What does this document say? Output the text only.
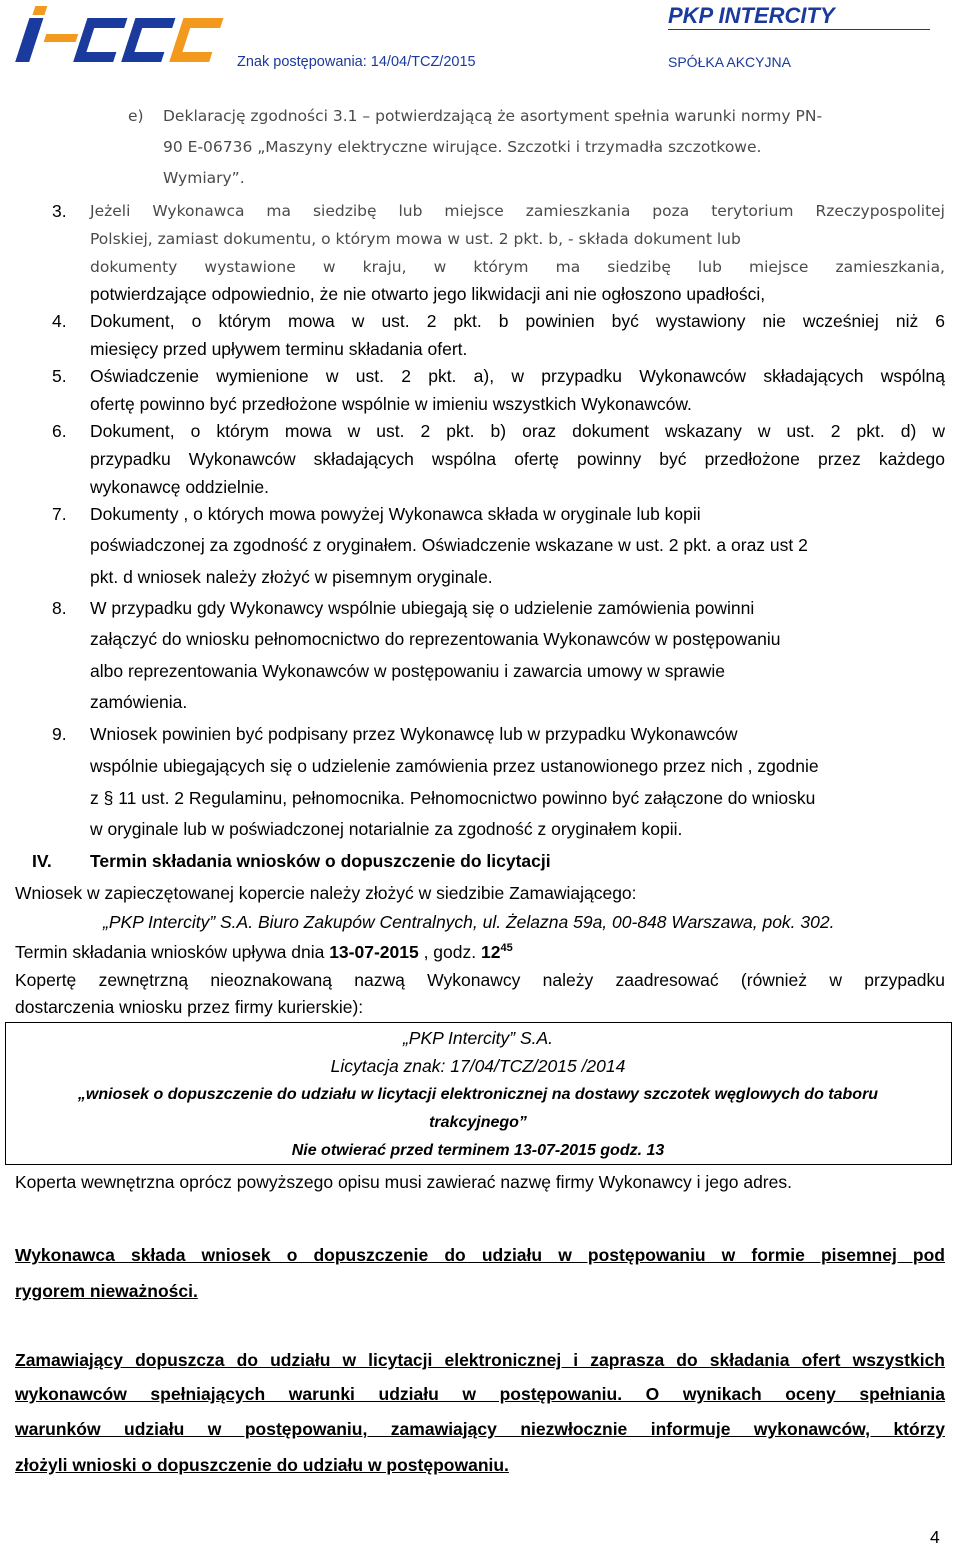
PKP INTERCITY
Znak postępowania: 14/04/TCZ/2015	SPÓŁKA AKCYJNA
e) Deklarację zgodności 3.1 – potwierdzającą że asortyment spełnia warunki normy PN-
90 E-06736 „Maszyny elektryczne wirujące. Szczotki i trzymadła szczotkowe.
Wymiary”.
3. Jeżeli Wykonawca ma siedzibę lub miejsce zamieszkania poza terytorium Rzeczypospolitej
Polskiej, zamiast dokumentu, o którym mowa w ust. 2 pkt. b, - składa dokument lub
dokumenty wystawione w kraju, w którym ma siedzibę lub miejsce zamieszkania,
potwierdzające odpowiednio, że nie otwarto jego likwidacji ani nie ogłoszono upadłości,
4. Dokument, o którym mowa w ust. 2 pkt. b powinien być wystawiony nie wcześniej niż 6
miesięcy przed upływem terminu składania ofert.
5. Oświadczenie wymienione w ust. 2 pkt. a), w przypadku Wykonawców składających wspólną
ofertę powinno być przedłożone wspólnie w imieniu wszystkich Wykonawców.
6. Dokument, o którym mowa w ust. 2 pkt. b) oraz dokument wskazany w ust. 2 pkt. d) w
przypadku Wykonawców składających wspólna ofertę powinny być przedłożone przez każdego
wykonawcę oddzielnie.
7. Dokumenty , o których mowa powyżej Wykonawca składa w oryginale lub kopii
poświadczonej za zgodność z oryginałem. Oświadczenie wskazane w ust. 2 pkt. a oraz ust 2
pkt. d wniosek należy złożyć w pisemnym oryginale.
8. W przypadku gdy Wykonawcy wspólnie ubiegają się o udzielenie zamówienia powinni
załączyć do wniosku pełnomocnictwo do reprezentowania Wykonawców w postępowaniu
albo reprezentowania Wykonawców w postępowaniu i zawarcia umowy w sprawie
zamówienia.
9. Wniosek powinien być podpisany przez Wykonawcę lub w przypadku Wykonawców
wspólnie ubiegających się o udzielenie zamówienia przez ustanowionego przez nich , zgodnie
z § 11 ust. 2 Regulaminu, pełnomocnika. Pełnomocnictwo powinno być załączone do wniosku
w oryginale lub w poświadczonej notarialnie za zgodność z oryginałem kopii.
IV. Termin składania wniosków o dopuszczenie do licytacji
Wniosek w zapieczętowanej kopercie należy złożyć w siedzibie Zamawiającego:
„PKP Intercity” S.A. Biuro Zakupów Centralnych, ul. Żelazna 59a, 00-848 Warszawa, pok. 302.
Termin składania wniosków upływa dnia 13-07-2015 , godz. $12^{45}$
Kopertę zewnętrzną nieoznakowaną nazwą Wykonawcy należy zaadresować (również w przypadku
dostarczenia wniosku przez firmy kurierskie):
„PKP Intercity” S.A.
Licytacja znak: 17/04/TCZ/2015 /2014
„wniosek o dopuszczenie do udziału w licytacji elektronicznej na dostawy szczotek węglowych do taboru
trakcyjnego”
Nie otwierać przed terminem 13-07-2015 godz. 13
Koperta wewnętrzna oprócz powyższego opisu musi zawierać nazwę firmy Wykonawcy i jego adres.
Wykonawca składa wniosek o dopuszczenie do udziału w postępowaniu w formie pisemnej pod
rygorem nieważności.
Zamawiający dopuszcza do udziału w licytacji elektronicznej i zaprasza do składania ofert wszystkich
wykonawców spełniających warunki udziału w postępowaniu. O wynikach oceny spełniania
warunków udziału w postępowaniu, zamawiający niezwłocznie informuje wykonawców, którzy
złożyli wnioski o dopuszczenie do udziału w postępowaniu.
4
